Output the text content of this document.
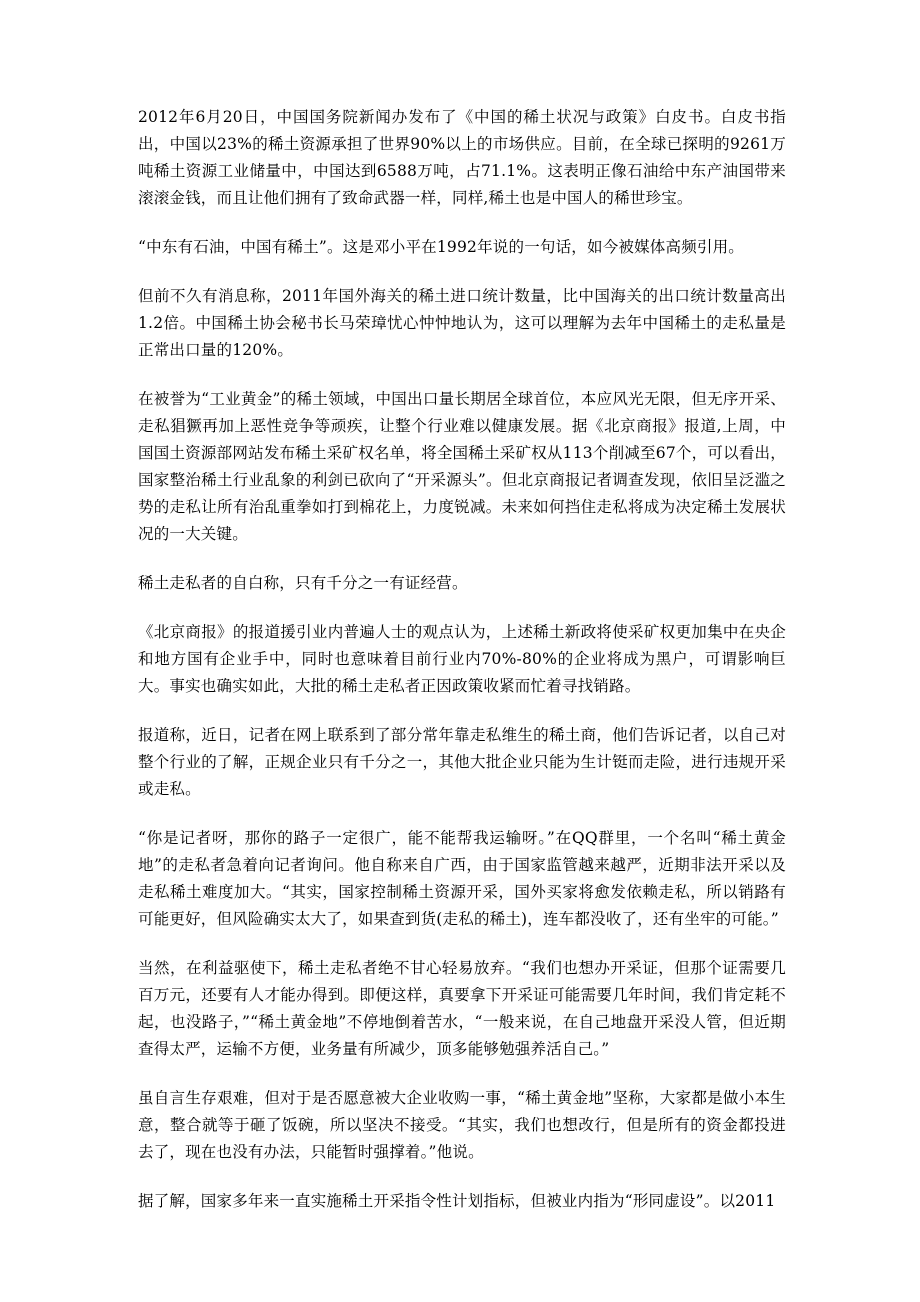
2012年6月20日，中国国务院新闻办发布了《中国的稀土状况与政策》白皮书。白皮书指出，中国以23%的稀土资源承担了世界90%以上的市场供应。目前，在全球已探明的9261万吨稀土资源工业储量中，中国达到6588万吨，占71.1%。这表明正像石油给中东产油国带来滚滚金钱，而且让他们拥有了致命武器一样，同样,稀土也是中国人的稀世珍宝。

“中东有石油，中国有稀土”。这是邓小平在1992年说的一句话，如今被媒体高频引用。

但前不久有消息称，2011年国外海关的稀土进口统计数量，比中国海关的出口统计数量高出1.2倍。中国稀土协会秘书长马荣璋忧心忡忡地认为，这可以理解为去年中国稀土的走私量是正常出口量的120%。

在被誉为“工业黄金”的稀土领域，中国出口量长期居全球首位，本应风光无限，但无序开采、走私猖獗再加上恶性竞争等顽疾，让整个行业难以健康发展。据《北京商报》报道,上周，中国国土资源部网站发布稀土采矿权名单，将全国稀土采矿权从113个削减至67个，可以看出，国家整治稀土行业乱象的利剑已砍向了“开采源头”。但北京商报记者调查发现，依旧呈泛滥之势的走私让所有治乱重拳如打到棉花上，力度锐减。未来如何挡住走私将成为决定稀土发展状况的一大关键。

稀土走私者的自白称，只有千分之一有证经营。

《北京商报》的报道援引业内普遍人士的观点认为，上述稀土新政将使采矿权更加集中在央企和地方国有企业手中，同时也意味着目前行业内70%-80%的企业将成为黑户，可谓影响巨大。事实也确实如此，大批的稀土走私者正因政策收紧而忙着寻找销路。

报道称，近日，记者在网上联系到了部分常年靠走私维生的稀土商，他们告诉记者，以自己对整个行业的了解，正规企业只有千分之一，其他大批企业只能为生计铤而走险，进行违规开采或走私。

“你是记者呀，那你的路子一定很广，能不能帮我运输呀。”在QQ群里，一个名叫“稀土黄金地”的走私者急着向记者询问。他自称来自广西，由于国家监管越来越严，近期非法开采以及走私稀土难度加大。“其实，国家控制稀土资源开采，国外买家将愈发依赖走私，所以销路有可能更好，但风险确实太大了，如果查到货(走私的稀土)，连车都没收了，还有坐牢的可能。”

当然，在利益驱使下，稀土走私者绝不甘心轻易放弃。“我们也想办开采证，但那个证需要几百万元，还要有人才能办得到。即便这样，真要拿下开采证可能需要几年时间，我们肯定耗不起，也没路子，”“稀土黄金地”不停地倒着苦水，“一般来说，在自己地盘开采没人管，但近期查得太严，运输不方便，业务量有所减少，顶多能够勉强养活自己。”

虽自言生存艰难，但对于是否愿意被大企业收购一事，“稀土黄金地”坚称，大家都是做小本生意，整合就等于砸了饭碗，所以坚决不接受。“其实，我们也想改行，但是所有的资金都投进去了，现在也没有办法，只能暂时强撑着。”他说。

据了解，国家多年来一直实施稀土开采指令性计划指标，但被业内指为“形同虚设”。以2011
